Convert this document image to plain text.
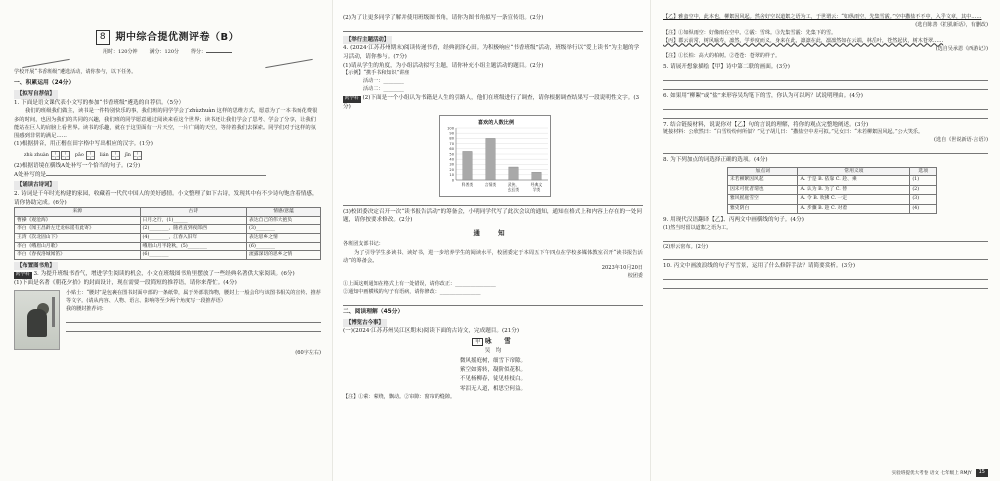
8	期中综合提优测评卷（B）
用时：120分钟 满分：120分 得分：

学校开展“书香班级”遴选活动，请你参与，以下任务。

一、积累运用（24分）

【拟写自荐信】

1. 下面是语文课代表小文写的参加“书香班级”遴选的自荐信。（5分）

我们的班级我们做主，读书是一件特别快乐的事，我们班的同学学会了zhùzhuàn 这样的思维方式，愿意为了一本书而花费很多的时间，也因为我们的共同的兴趣，我们班的同学愿意通过阅读来看这个世界；读书还让我们学会了思考、学会了分享，让我们能站在巨人的肩膀上看世界。读书的乐趣，就在于这里面有一片天空，一片广阔的天空，等待着我们去探索。同学们对于这样的氛围感到非常的满足……

(1)根据拼音，用正楷在田字格中写出相应的汉字。(1分)

zhù zhuàn	pāo	lián	jīn

(2)根据语境在横线A处补写一个恰当的句子。(2分)

A处补写的是

【诵读古诗词】

2. 诗词是千年时光构建的家园，收藏着一代代中国人的美好感情。小文整理了如下古诗，发现其中有不少诗句饱含着情感，请你协助完成。(6分)

来源	古诗	情感/意蕴
曹操《观沧海》	日月之行，(1)______	表达自己的伟大抱负
李白《闻王昌龄左迁龙标遥有此寄》	(2)________，随君直到夜郎西	(3)________
王湾《次北固山下》	(4)________，江春入旧年	表达思乡之情
李白《峨眉山月歌》	峨眉山月半轮秋，(5)________	(6)________
李白《春夜洛城闻笛》	(6)________	流露深切的思乡之情
【布置图书角】

跨学科 3. 为提升班级书香气，增进学生阅读的机会，小文在班级图书角里摆放了一些经典名著供大家阅读。(6分)

(1)下面是名著《朝花夕拾》的封面设计，现在需要一段简短的推荐语，请你来帮忙。(4分)

小贴士：“腰封”是包裹在图书封面中部的一条纸带，属于外部装饰物，腰封上一般会印与该图书相关的宣传、推荐等文字。(请从内容、人物、语言、影响等至少两个角度写一段推荐语）

我的腰封推荐词：

(60字左右)

(2)为了让更多同学了解并使用班级图书角，请你为图书角拟写一条宣传语。(2分)

【举行主题活动】

4. (2024·江苏苏州期末)阅读传递书香，经典润泽心田。为积极响应“书香班级”活动，班级举行以“爱上读书”为主题的学习活动，请你参与。(7分)

(1)请从学生的角度，为小组活动拟写主题，请你补充小组主题活动的题目。(2分)

【示例】“携手书和知识”讲座

活动一：________

活动二：________

跨学科 (2)下面是一个小组认为书籍是人生的引路人，他们在班级进行了调查，请你根据调查结果写一段说明性文字。(3分)

喜欢的人数比例
0
10
20
30
40
50
60
70
80
90
100
科普类	言情类	武侠、
玄幻类
经典文
学类

(3)校团委决定召开一次“读书报告活动”的筹备会，小明同学代写了此次会议的通知，通知在格式上和内容上存在的一处问题，请你按要求修改。(2分)

通 知

各班团支部书记：

为了引导学生多读书、读好书，进一步培养学生的阅读水平，校团委定于本周五下午四点在学校多媒体教室召开“读书报告活动”的筹备会。

2023年10月20日

校团委

①上面这则通知在格式上有一处错误，请你改正：________________

②通知中画横线的句子有语病，请你修改：________________

二、阅读理解（45分）

【博览古今事】

(一)(2024·江苏苏州吴江区期末)阅读下面的古诗文，完成题目。(21分)

甲 咏　雪

吴　均

微风摇庭树，细雪下帘隙。

萦空如雾转，凝阶似花积。

不见杨柳春，徒见桂枝白。

零泪无人道，相思空何益。

【注】①萦：萦绕，飘动。②帘隙：窗帘的缝隙。

【乙】雅蛮空中，此本也，柳絮因风起。然舍好空以道絮之语为工，于世谓云：“如纵雨空，先集雪霰。”空中撒盐不不中，入乎文章，其中……

(选自陈善《扪虱新话》，有删改)

【注】①如纵雨空：好像雨在空中。②霰：雪珠。③先集雪霰：先集下的雪。

【丙】郡云前常，树风喻寿，凛然，学养度而义，身来在此，凛凛在此，凛凛然如在云端，林岳叶，苍然起伏，树木苍翠……

(选自吴承恩《西游记》)

【注】①长柏：高大的柏树。②苍苍：苍翠的样子。

5. 请展开想象描绘【甲】诗中第二联的画面。(3分)

6. 如果用“柳絮”或“盐”来形容吴均笔下的雪，你认为可以吗？试说明理由。(4分)

7. 结合链接材料，说说你对【乙】句的言说的理解，将你的观点完整地阐述。(3分)

链接材料：公欣然曰：“白雪纷纷何所似？”兄子胡儿曰：“撒盐空中差可拟。”兄女曰：“未若柳絮因风起。”公大笑乐。

(选自《世说新语·言语》)

8. 为下列加点的词选择正确的选项。(4分)

加点词	常用义项	选项
未若柳絮因风起	A. 于是 B. 依靠 C. 趁、乘	(1)
因未可优者谓也	A. 认为 B. 为了 C. 替	(2)
雅风摇庭雪空	A. 令 B. 吹拂 C. 一定	(3)
雅史阴白	A. 步骤 B. 趁 C. 对着	(4)

9. 用现代汉语翻译【乙】、丙两文中画横线的句子。(4分)

(1)然当时留以道絮之语为工。

(2)形云密布。(2分)

10. 丙文中画波浪线的句子写雪景，运用了什么修辞手法？请简要赏析。(3分)

实验班提优大考卷 语文 七年级上 RMJY	15
